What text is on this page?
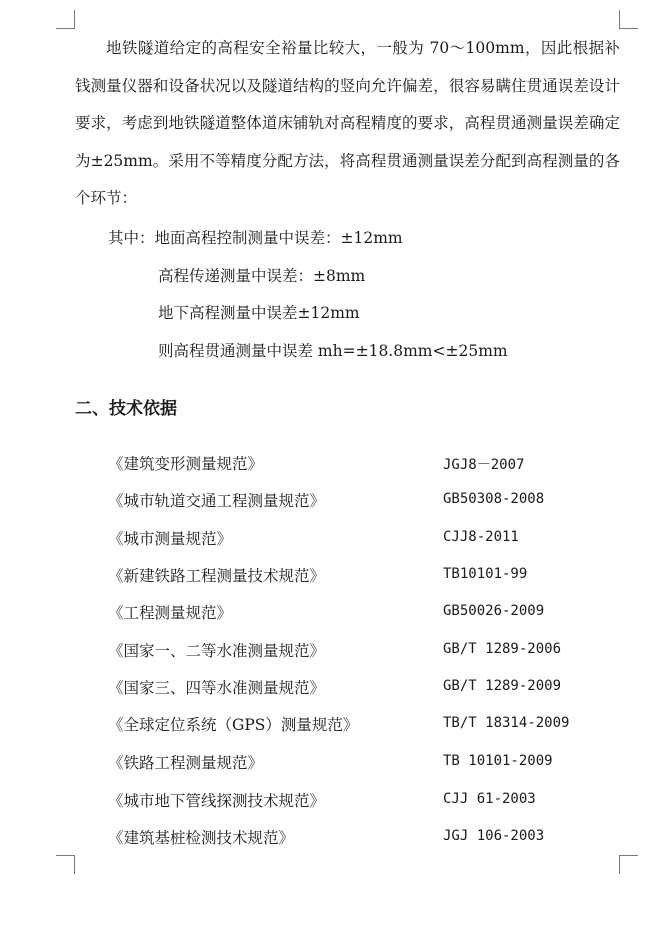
地铁隧道给定的高程安全裕量比较大，一般为 70～100mm，因此根据补钱测量仪器和设备状况以及隧道结构的竖向允许偏差，很容易瞒住贯通误差设计要求，考虑到地铁隧道整体道床铺轨对高程精度的要求，高程贯通测量误差确定为±25mm。采用不等精度分配方法，将高程贯通测量误差分配到高程测量的各个环节：

其中：地面高程控制测量中误差：±12mm

高程传递测量中误差：±8mm

地下高程测量中误差±12mm

则高程贯通测量中误差 mh=±18.8mm<±25mm

二、技术依据
《建筑变形测量规范》	JGJ8－2007
《城市轨道交通工程测量规范》	GB50308-2008
《城市测量规范》	CJJ8-2011
《新建铁路工程测量技术规范》	TB10101-99
《工程测量规范》	GB50026-2009
《国家一、二等水准测量规范》	GB/T 1289-2006
《国家三、四等水准测量规范》	GB/T 1289-2009
《全球定位系统（GPS）测量规范》	TB/T 18314-2009
《铁路工程测量规范》	TB 10101-2009
《城市地下管线探测技术规范》	CJJ 61-2003
《建筑基桩检测技术规范》	JGJ 106-2003
